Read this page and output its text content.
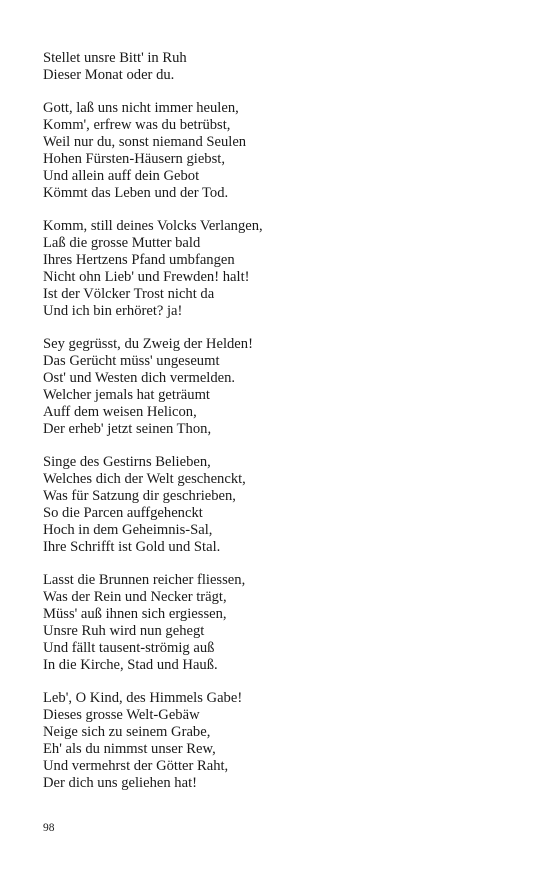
Stellet unsre Bitt' in Ruh
Dieser Monat oder du.
Gott, laß uns nicht immer heulen,
Komm', erfrew was du betrübst,
Weil nur du, sonst niemand Seulen
Hohen Fürsten-Häusern giebst,
Und allein auff dein Gebot
Kömmt das Leben und der Tod.
Komm, still deines Volcks Verlangen,
Laß die grosse Mutter bald
Ihres Hertzens Pfand umbfangen
Nicht ohn Lieb' und Frewden! halt!
Ist der Völcker Trost nicht da
Und ich bin erhöret? ja!
Sey gegrüsst, du Zweig der Helden!
Das Gerücht müss' ungeseumt
Ost' und Westen dich vermelden.
Welcher jemals hat geträumt
Auff dem weisen Helicon,
Der erheb' jetzt seinen Thon,
Singe des Gestirns Belieben,
Welches dich der Welt geschenckt,
Was für Satzung dir geschrieben,
So die Parcen auffgehenckt
Hoch in dem Geheimnis-Sal,
Ihre Schrifft ist Gold und Stal.
Lasst die Brunnen reicher fliessen,
Was der Rein und Necker trägt,
Müss' auß ihnen sich ergiessen,
Unsre Ruh wird nun gehegt
Und fällt tausent-strömig auß
In die Kirche, Stad und Hauß.
Leb', O Kind, des Himmels Gabe!
Dieses grosse Welt-Gebäw
Neige sich zu seinem Grabe,
Eh' als du nimmst unser Rew,
Und vermehrst der Götter Raht,
Der dich uns geliehen hat!
98
